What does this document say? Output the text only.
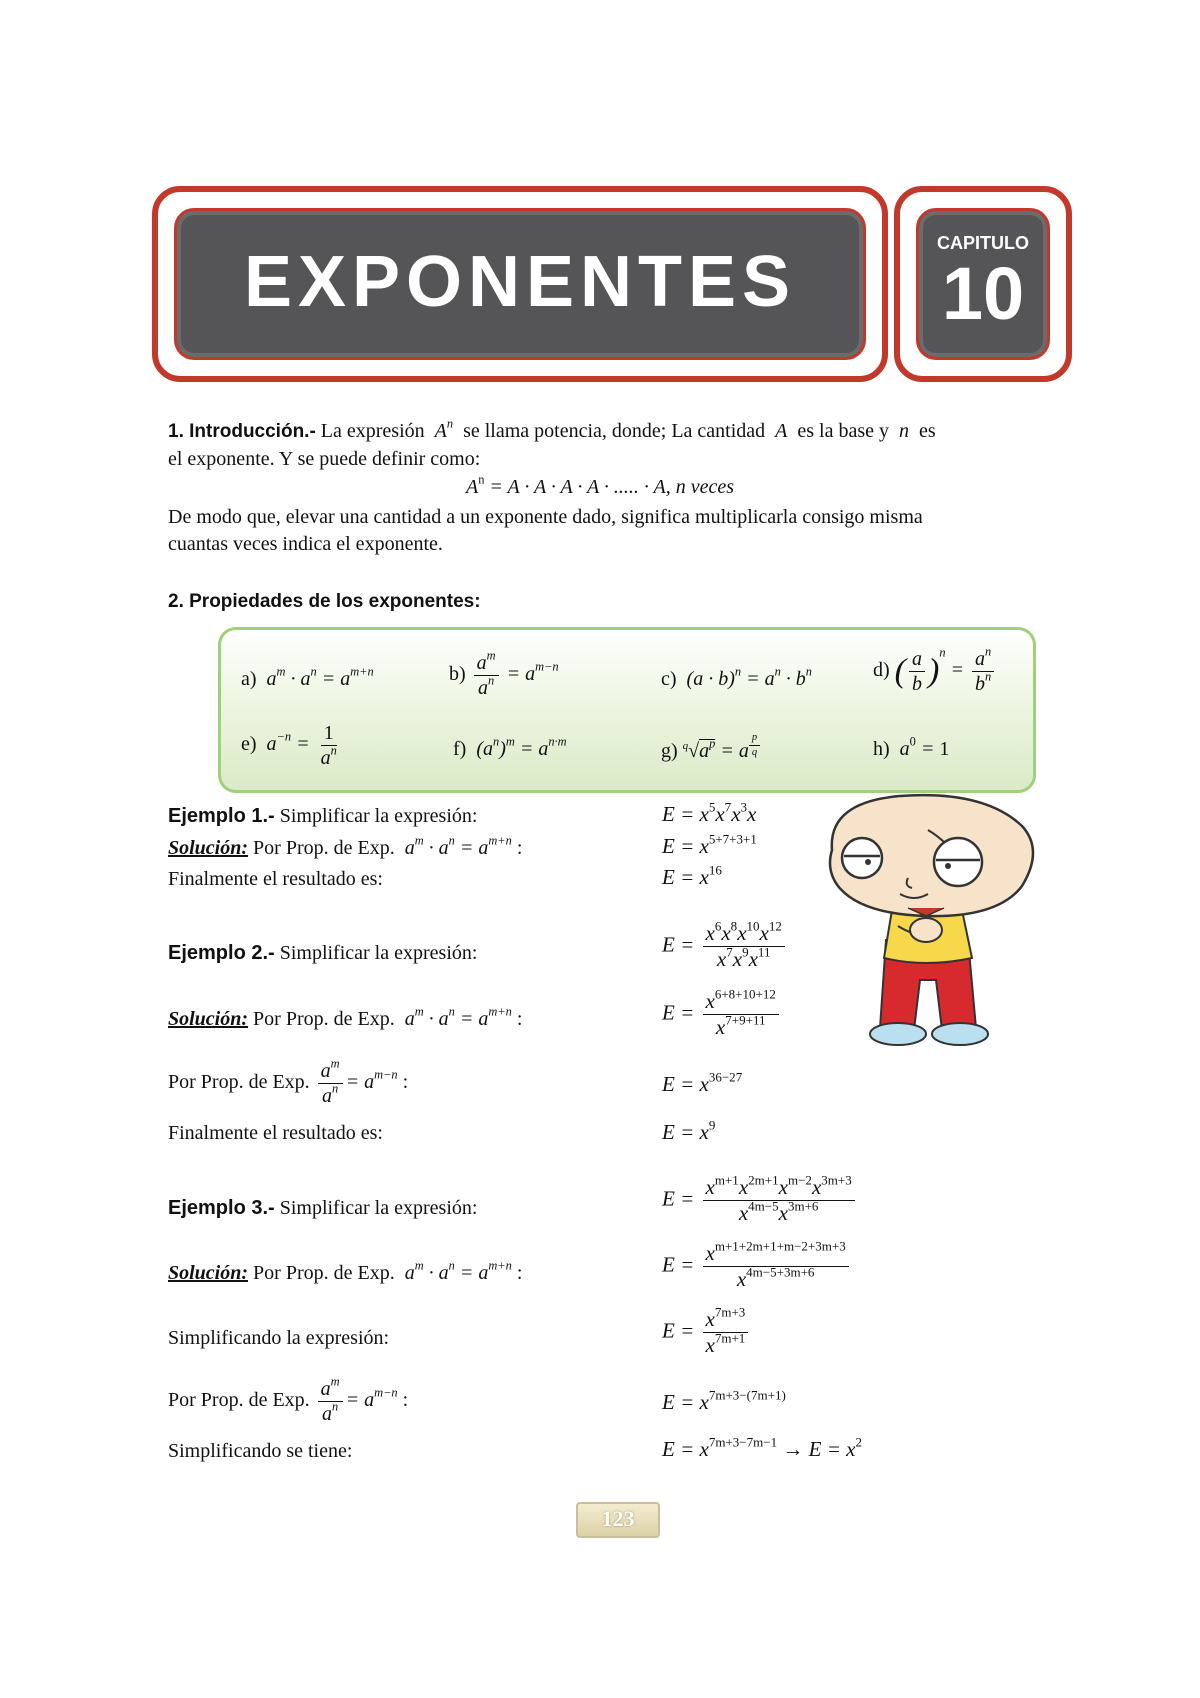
EXPONENTES	CAPITULO
10
1. Introducción.- La expresión  $A^n$ se llama potencia, donde; La cantidad  A  es la base y  n  es
el exponente. Y se puede definir como:
$A^n = A \cdot A \cdot A \cdot A$ · ..... · A, n veces
De modo que, elevar una cantidad a un exponente dado, significa multiplicarla consigo misma
cuantas veces indica el exponente.
2. Propiedades de los exponentes:
a)  $a^m \cdot a^n = a^{m+n}$	$b) \frac{a^m}{a^n} = a^{m-n}$
c)  $(a \cdot b)^n = a^n \cdot b^n$	d) ( $\frac{a}{b} )^n = \frac{a^n}{b^n}$
e)  $a^{-n} = \frac{1}{a^n}$	f)  $(a^n)^m = a^{n\cdot m}$	g) $^q√a^p = a$ $^{\frac{p}{q}}$	h)  $a^0 = 1$
Ejemplo 1.- Simplificar la expresión:	$E = x^5x^7x^3x$
Solución: Por Prop. de Exp.  $a^m \cdot a^n = a^{m+n}$ :	$E = x^{5+7+3+1}$
Finalmente el resultado es:	$E = x^{16}$
Ejemplo 2.- Simplificar la expresión:	$E = \frac{x^6x^8x^{10}x^{12}}{x^7x^9x^{11}}$
Solución: Por Prop. de Exp.  $a^m \cdot a^n = a^{m+n}$ :	$E = \frac{x^{6+8+10+12}}{x^{7+9+11}}$
Por Prop. de Exp. $\frac{a^m}{a^n} = a^{m-n}$ :	$E = x^{36-27}$
Finalmente el resultado es:	$E = x^9$
Ejemplo 3.- Simplificar la expresión:	$E = \frac{x^{m+1}x^{2m+1}x^{m-2}x^{3m+3}}{x^{4m-5}x^{3m+6}}$
Solución: Por Prop. de Exp.  $a^m \cdot a^n = a^{m+n}$ :	$E = \frac{x^{m+1+2m+1+m-2+3m+3}}{x^{4m-5+3m+6}}$
Simplificando la expresión:	$E = \frac{x^{7m+3}}{x^{7m+1}}$
Por Prop. de Exp. $\frac{a^m}{a^n} = a^{m-n}$ :	$E = x^{7m+3-(7m+1)}$
Simplificando se tiene:	$E = x^{7m+3-7m-1} \to E = x^2$
123
